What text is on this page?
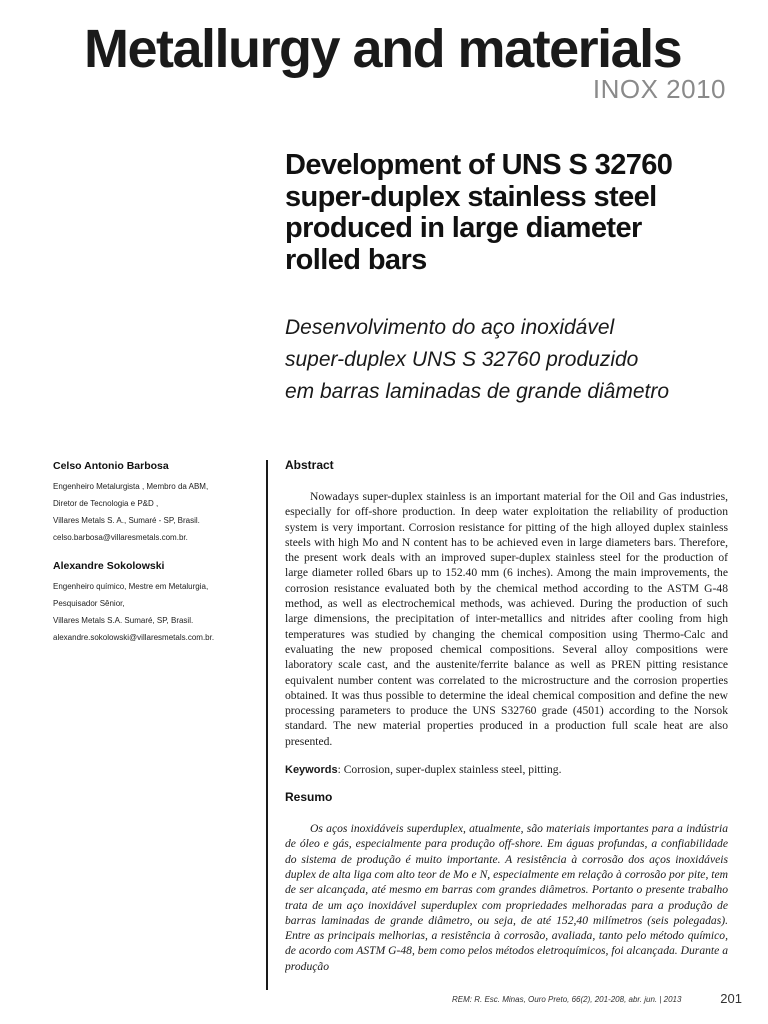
Metallurgy and materials
INOX 2010
Development of UNS S 32760
super-duplex stainless steel
produced in large diameter
rolled bars
Desenvolvimento do aço inoxidável
super-duplex UNS S 32760 produzido
em barras laminadas de grande diâmetro
Celso Antonio Barbosa
Engenheiro Metalurgista , Membro da ABM,
Diretor de Tecnologia e P&D ,
Villares Metals S. A., Sumaré - SP, Brasil.
celso.barbosa@villaresmetals.com.br.
Alexandre Sokolowski
Engenheiro químico, Mestre em Metalurgia,
Pesquisador Sênior,
Villares Metals S.A. Sumaré, SP, Brasil.
alexandre.sokolowski@villaresmetals.com.br.
Abstract

Nowadays super-duplex stainless is an important material for the Oil and Gas industries, especially for off-shore production. In deep water exploitation the reliability of production system is very important. Corrosion resistance for pitting of the high alloyed duplex stainless steels with high Mo and N content has to be achieved even in large diameters bars. Therefore, the present work deals with an improved super-duplex stainless steel for the production of large diameter rolled 6bars up to 152.40 mm (6 inches). Among the main improvements, the corrosion resistance evaluated both by the chemical method according to the ASTM G-48 method, as well as electrochemical methods, was achieved. During the production of such large dimensions, the precipitation of inter-metallics and nitrides after cooling from high temperatures was studied by changing the chemical composition using Thermo-Calc and evaluating the new proposed chemical compositions. Several alloy compositions were laboratory scale cast, and the austenite/ferrite balance as well as PREN pitting resistance equivalent number content was correlated to the microstructure and the corrosion properties obtained. It was thus possible to determine the ideal chemical composition and define the new processing parameters to produce the UNS S32760 grade (4501) according to the Norsok standard. The new material properties produced in a production full scale heat are also presented.

Keywords: Corrosion, super-duplex stainless steel, pitting.
Resumo

Os aços inoxidáveis superduplex, atualmente, são materiais importantes para a indústria de óleo e gás, especialmente para produção off-shore. Em águas profundas, a confiabilidade do sistema de produção é muito importante. A resistência à corrosão dos aços inoxidáveis duplex de alta liga com alto teor de Mo e N, especialmente em relação à corrosão por pite, tem de ser alcançada, até mesmo em barras com grandes diâmetros. Portanto o presente trabalho trata de um aço inoxidável superduplex com propriedades melhoradas para a produção de barras laminadas de grande diâmetro, ou seja, de até 152,40 milímetros (seis polegadas). Entre as principais melhorias, a resistência à corrosão, avaliada, tanto pelo método químico, de acordo com ASTM G-48, bem como pelos métodos eletroquímicos, foi alcançada. Durante a produção

REM: R. Esc. Minas, Ouro Preto, 66(2), 201-208, abr. jun. | 2013	201
